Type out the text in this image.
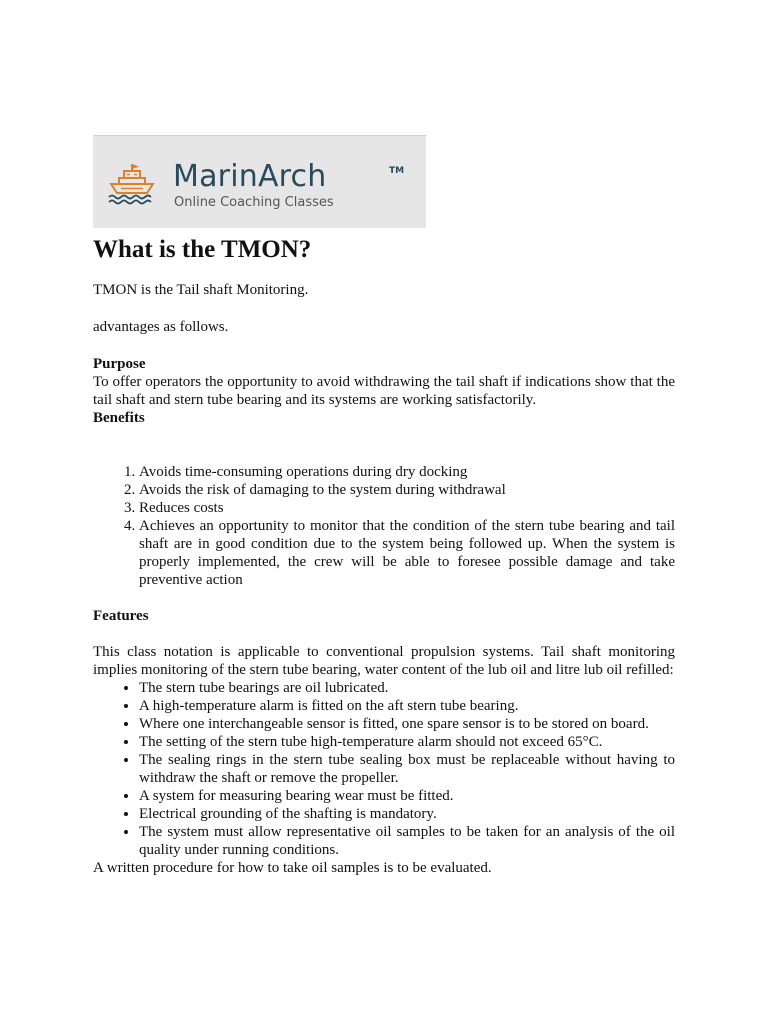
MarinArch	TM
Online Coaching Classes
What is the TMON?

TMON is the Tail shaft Monitoring.

advantages as follows.

Purpose

To offer operators the opportunity to avoid withdrawing the tail shaft if indications show that the tail shaft and stern tube bearing and its systems are working satisfactorily.

Benefits

1. Avoids time-consuming operations during dry docking
2. Avoids the risk of damaging to the system during withdrawal
3. Reduces costs
4. Achieves an opportunity to monitor that the condition of the stern tube bearing and tail shaft are in good condition due to the system being followed up. When the system is properly implemented, the crew will be able to foresee possible damage and take preventive action

Features

This class notation is applicable to conventional propulsion systems. Tail shaft monitoring implies monitoring of the stern tube bearing, water content of the lub oil and litre lub oil refilled:

• The stern tube bearings are oil lubricated.
• A high-temperature alarm is fitted on the aft stern tube bearing.
• Where one interchangeable sensor is fitted, one spare sensor is to be stored on board.
• The setting of the stern tube high-temperature alarm should not exceed 65°C.
• The sealing rings in the stern tube sealing box must be replaceable without having to withdraw the shaft or remove the propeller.
• A system for measuring bearing wear must be fitted.
• Electrical grounding of the shafting is mandatory.
• The system must allow representative oil samples to be taken for an analysis of the oil quality under running conditions.

A written procedure for how to take oil samples is to be evaluated.
